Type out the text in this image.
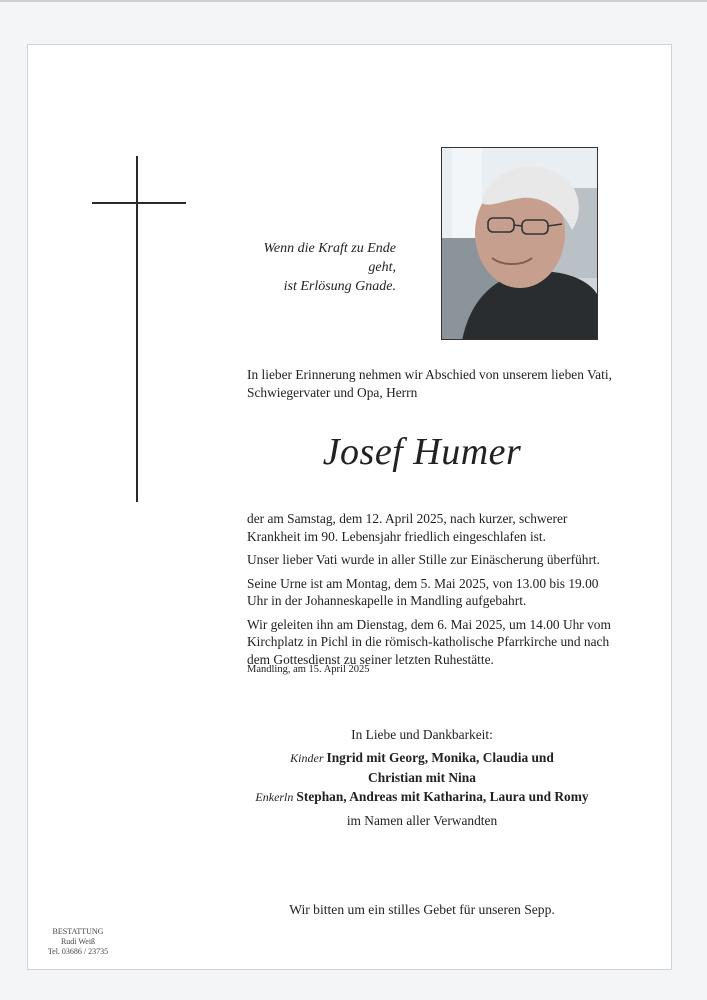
Wenn die Kraft zu Ende geht,
ist Erlösung Gnade.
In lieber Erinnerung nehmen wir Abschied von unserem lieben Vati, Schwiegervater und Opa, Herrn
Josef Humer

der am Samstag, dem 12. April 2025, nach kurzer, schwerer Krankheit im 90. Lebensjahr friedlich eingeschlafen ist.

Unser lieber Vati wurde in aller Stille zur Einäscherung überführt.

Seine Urne ist am Montag, dem 5. Mai 2025, von 13.00 bis 19.00 Uhr in der Johanneskapelle in Mandling aufgebahrt.

Wir geleiten ihn am Dienstag, dem 6. Mai 2025, um 14.00 Uhr vom Kirchplatz in Pichl in die römisch-katholische Pfarrkirche und nach dem Gottesdienst zu seiner letzten Ruhestätte.

Mandling, am 15. April 2025
In Liebe und Dankbarkeit:
Kinder Ingrid mit Georg, Monika, Claudia und
Christian mit Nina
Enkerln Stephan, Andreas mit Katharina, Laura und Romy
im Namen aller Verwandten
Wir bitten um ein stilles Gebet für unseren Sepp.
BESTATTUNG
Rudi Weiß
Tel. 03686 / 23735
